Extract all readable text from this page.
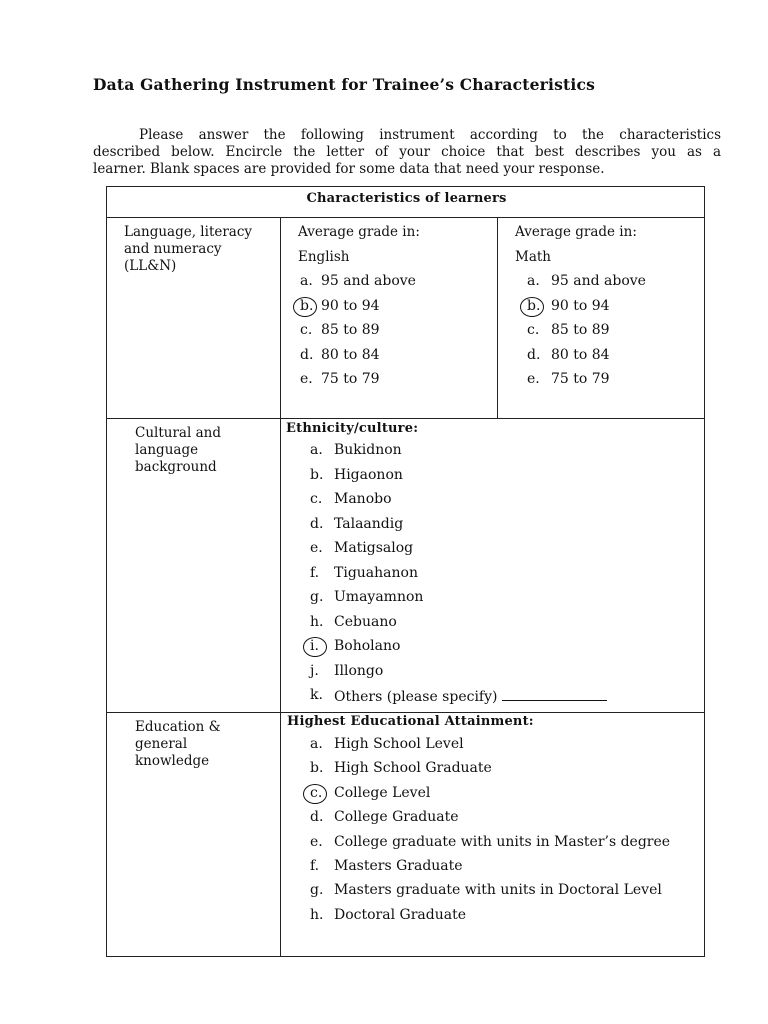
Data Gathering Instrument for Trainee’s Characteristics

Please answer the following instrument according to the characteristics
described below. Encircle the letter of your choice that best describes you as a
learner. Blank spaces are provided for some data that need your response.

Characteristics of learners
Language, literacy
and numeracy
(LL&N)
Average grade in:
English
a. 95 and above
b. 90 to 94
c. 85 to 89
d. 80 to 84
e. 75 to 79
Average grade in:
Math
a. 95 and above
b. 90 to 94
c. 85 to 89
d. 80 to 84
e. 75 to 79
Cultural and
language
background
Ethnicity/culture:
a. Bukidnon
b. Higaonon
c. Manobo
d. Talaandig
e. Matigsalog
f. Tiguahanon
g. Umayamnon
h. Cebuano
i. Boholano
j. Illongo
k. Others (please specify)
Education &
general
knowledge
Highest Educational Attainment:
a. High School Level
b. High School Graduate
c. College Level
d. College Graduate
e. College graduate with units in Master’s degree
f. Masters Graduate
g. Masters graduate with units in Doctoral Level
h. Doctoral Graduate
